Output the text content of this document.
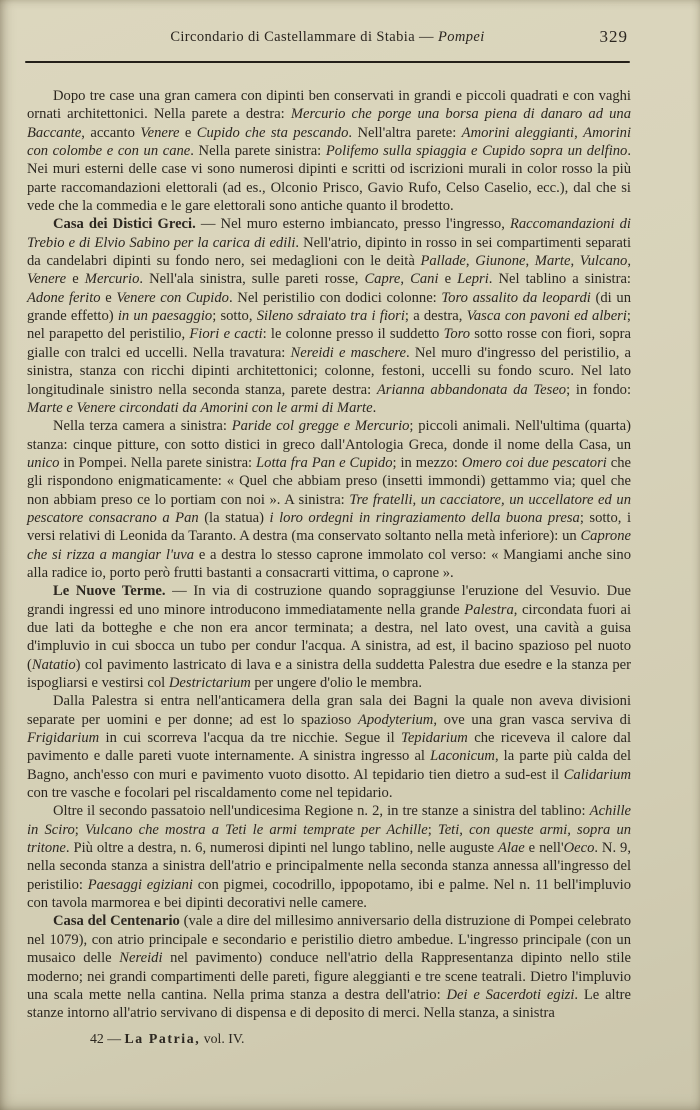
Circondario di Castellammare di Stabia — Pompei	329

Dopo tre case una gran camera con dipinti ben conservati in grandi e piccoli quadrati e con vaghi ornati architettonici. Nella parete a destra: Mercurio che porge una borsa piena di danaro ad una Baccante, accanto Venere e Cupido che sta pescando. Nell'altra parete: Amorini aleggianti, Amorini con colombe e con un cane. Nella parete sinistra: Polifemo sulla spiaggia e Cupido sopra un delfino. Nei muri esterni delle case vi sono numerosi dipinti e scritti od iscrizioni murali in color rosso la più parte raccomandazioni elettorali (ad es., Olconio Prisco, Gavio Rufo, Celso Caselio, ecc.), dal che si vede che la commedia e le gare elettorali sono antiche quanto il brodetto.

Casa dei Distici Greci. — Nel muro esterno imbiancato, presso l'ingresso, Raccomandazioni di Trebio e di Elvio Sabino per la carica di edili. Nell'atrio, dipinto in rosso in sei compartimenti separati da candelabri dipinti su fondo nero, sei medaglioni con le deità Pallade, Giunone, Marte, Vulcano, Venere e Mercurio. Nell'ala sinistra, sulle pareti rosse, Capre, Cani e Lepri. Nel tablino a sinistra: Adone ferito e Venere con Cupido. Nel peristilio con dodici colonne: Toro assalito da leopardi (di un grande effetto) in un paesaggio; sotto, Sileno sdraiato tra i fiori; a destra, Vasca con pavoni ed alberi; nel parapetto del peristilio, Fiori e cacti: le colonne presso il suddetto Toro sotto rosse con fiori, sopra gialle con tralci ed uccelli. Nella travatura: Nereidi e maschere. Nel muro d'ingresso del peristilio, a sinistra, stanza con ricchi dipinti architettonici; colonne, festoni, uccelli su fondo scuro. Nel lato longitudinale sinistro nella seconda stanza, parete destra: Arianna abbandonata da Teseo; in fondo: Marte e Venere circondati da Amorini con le armi di Marte.

Nella terza camera a sinistra: Paride col gregge e Mercurio; piccoli animali. Nell'ultima (quarta) stanza: cinque pitture, con sotto distici in greco dall'Antologia Greca, donde il nome della Casa, un unico in Pompei. Nella parete sinistra: Lotta fra Pan e Cupido; in mezzo: Omero coi due pescatori che gli rispondono enigmaticamente: « Quel che abbiam preso (insetti immondi) gettammo via; quel che non abbiam preso ce lo portiam con noi ». A sinistra: Tre fratelli, un cacciatore, un uccellatore ed un pescatore consacrano a Pan (la statua) i loro ordegni in ringraziamento della buona presa; sotto, i versi relativi di Leonida da Taranto. A destra (ma conservato soltanto nella metà inferiore): un Caprone che si rizza a mangiar l'uva e a destra lo stesso caprone immolato col verso: « Mangiami anche sino alla radice io, porto però frutti bastanti a consacrarti vittima, o caprone ».

Le Nuove Terme. — In via di costruzione quando sopraggiunse l'eruzione del Vesuvio. Due grandi ingressi ed uno minore introducono immediatamente nella grande Palestra, circondata fuori ai due lati da botteghe e che non era ancor terminata; a destra, nel lato ovest, una cavità a guisa d'impluvio in cui sbocca un tubo per condur l'acqua. A sinistra, ad est, il bacino spazioso pel nuoto (Natatio) col pavimento lastricato di lava e a sinistra della suddetta Palestra due esedre e la stanza per ispogliarsi e vestirsi col Destrictarium per ungere d'olio le membra.

Dalla Palestra si entra nell'anticamera della gran sala dei Bagni la quale non aveva divisioni separate per uomini e per donne; ad est lo spazioso Apodyterium, ove una gran vasca serviva di Frigidarium in cui scorreva l'acqua da tre nicchie. Segue il Tepidarium che riceveva il calore dal pavimento e dalle pareti vuote internamente. A sinistra ingresso al Laconicum, la parte più calda del Bagno, anch'esso con muri e pavimento vuoto disotto. Al tepidario tien dietro a sud-est il Calidarium con tre vasche e focolari pel riscaldamento come nel tepidario.

Oltre il secondo passatoio nell'undicesima Regione n. 2, in tre stanze a sinistra del tablino: Achille in Sciro; Vulcano che mostra a Teti le armi temprate per Achille; Teti, con queste armi, sopra un tritone. Più oltre a destra, n. 6, numerosi dipinti nel lungo tablino, nelle auguste Alae e nell'Oeco. N. 9, nella seconda stanza a sinistra dell'atrio e principalmente nella seconda stanza annessa all'ingresso del peristilio: Paesaggi egiziani con pigmei, cocodrillo, ippopotamo, ibi e palme. Nel n. 11 bell'impluvio con tavola marmorea e bei dipinti decorativi nelle camere.

Casa del Centenario (vale a dire del millesimo anniversario della distruzione di Pompei celebrato nel 1079), con atrio principale e secondario e peristilio dietro ambedue. L'ingresso principale (con un musaico delle Nereidi nel pavimento) conduce nell'atrio della Rappresentanza dipinto nello stile moderno; nei grandi compartimenti delle pareti, figure aleggianti e tre scene teatrali. Dietro l'impluvio una scala mette nella cantina. Nella prima stanza a destra dell'atrio: Dei e Sacerdoti egizi. Le altre stanze intorno all'atrio servivano di dispensa e di deposito di merci. Nella stanza, a sinistra

42 — La Patria, vol. IV.
